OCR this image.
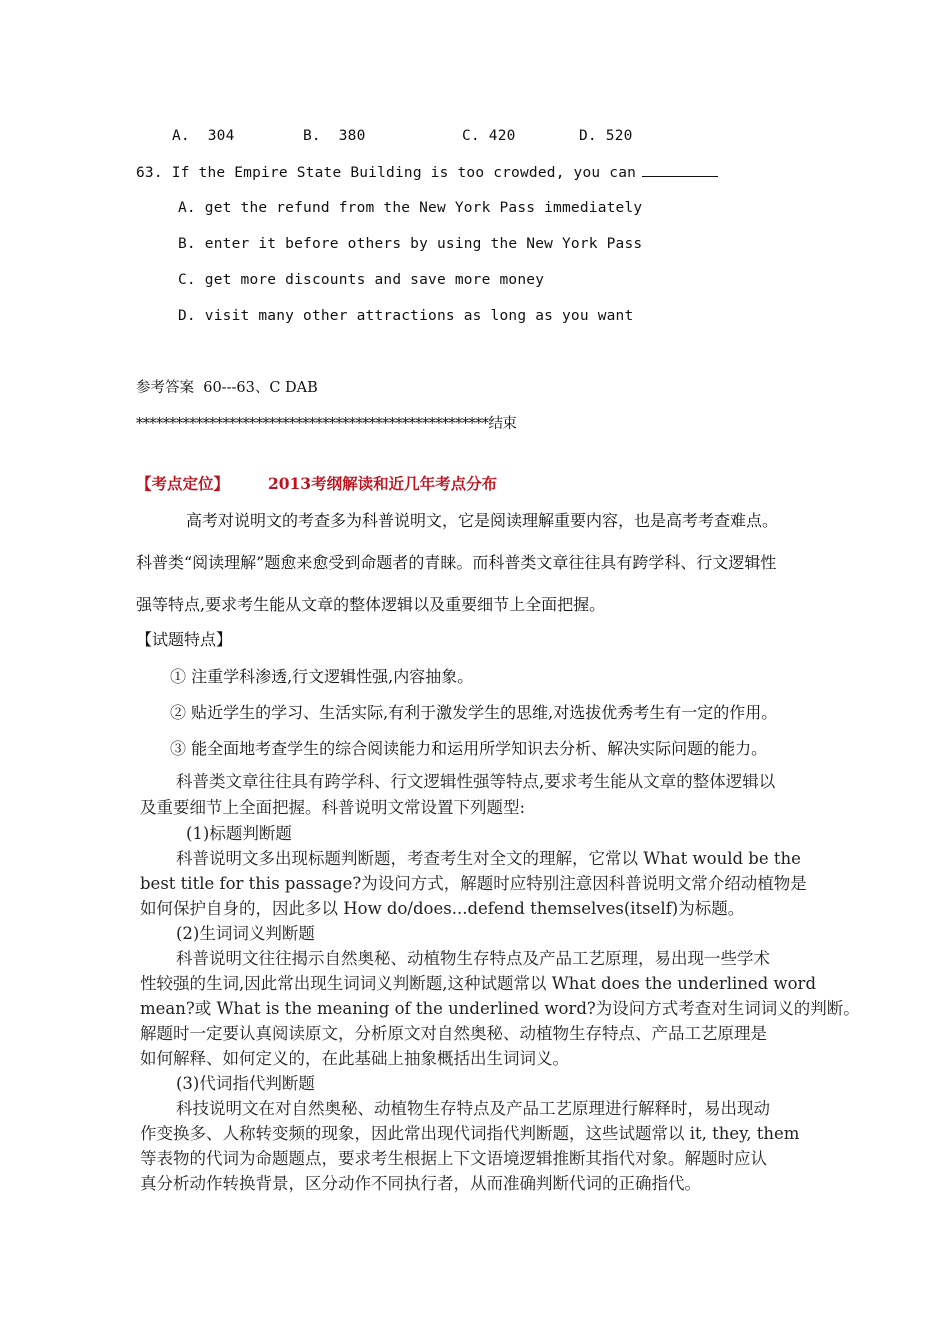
A.  304	B.  380	C. 420	D. 520
63. If the Empire State Building is too crowded, you can
A. get the refund from the New York Pass immediately
B. enter it before others by using the New York Pass
C. get more discounts and save more money
D. visit many other attractions as long as you want
参考答案  60---63、C DAB
*****************************************************结束
【考点定位】	2013考纲解读和近几年考点分布
高考对说明文的考查多为科普说明文，它是阅读理解重要内容，也是高考考查难点。
科普类“阅读理解”题愈来愈受到命题者的青睐。而科普类文章往往具有跨学科、行文逻辑性
强等特点,要求考生能从文章的整体逻辑以及重要细节上全面把握。
【试题特点】
① 注重学科渗透,行文逻辑性强,内容抽象。
② 贴近学生的学习、生活实际,有利于激发学生的思维,对选拔优秀考生有一定的作用。
③ 能全面地考查学生的综合阅读能力和运用所学知识去分析、解决实际问题的能力。
科普类文章往往具有跨学科、行文逻辑性强等特点,要求考生能从文章的整体逻辑以
及重要细节上全面把握。科普说明文常设置下列题型:
(1)标题判断题
科普说明文多出现标题判断题，考查考生对全文的理解，它常以 What would be the
best title for this passage?为设问方式，解题时应特别注意因科普说明文常介绍动植物是
如何保护自身的，因此多以 How do/does...defend themselves(itself)为标题。
(2)生词词义判断题
科普说明文往往揭示自然奥秘、动植物生存特点及产品工艺原理，易出现一些学术
性较强的生词,因此常出现生词词义判断题,这种试题常以 What does the underlined word
mean?或 What is the meaning of the underlined word?为设问方式考查对生词词义的判断。
解题时一定要认真阅读原文，分析原文对自然奥秘、动植物生存特点、产品工艺原理是
如何解释、如何定义的，在此基础上抽象概括出生词词义。
(3)代词指代判断题
科技说明文在对自然奥秘、动植物生存特点及产品工艺原理进行解释时，易出现动
作变换多、人称转变频的现象，因此常出现代词指代判断题，这些试题常以 it, they, them
等表物的代词为命题题点，要求考生根据上下文语境逻辑推断其指代对象。解题时应认
真分析动作转换背景，区分动作不同执行者，从而准确判断代词的正确指代。
